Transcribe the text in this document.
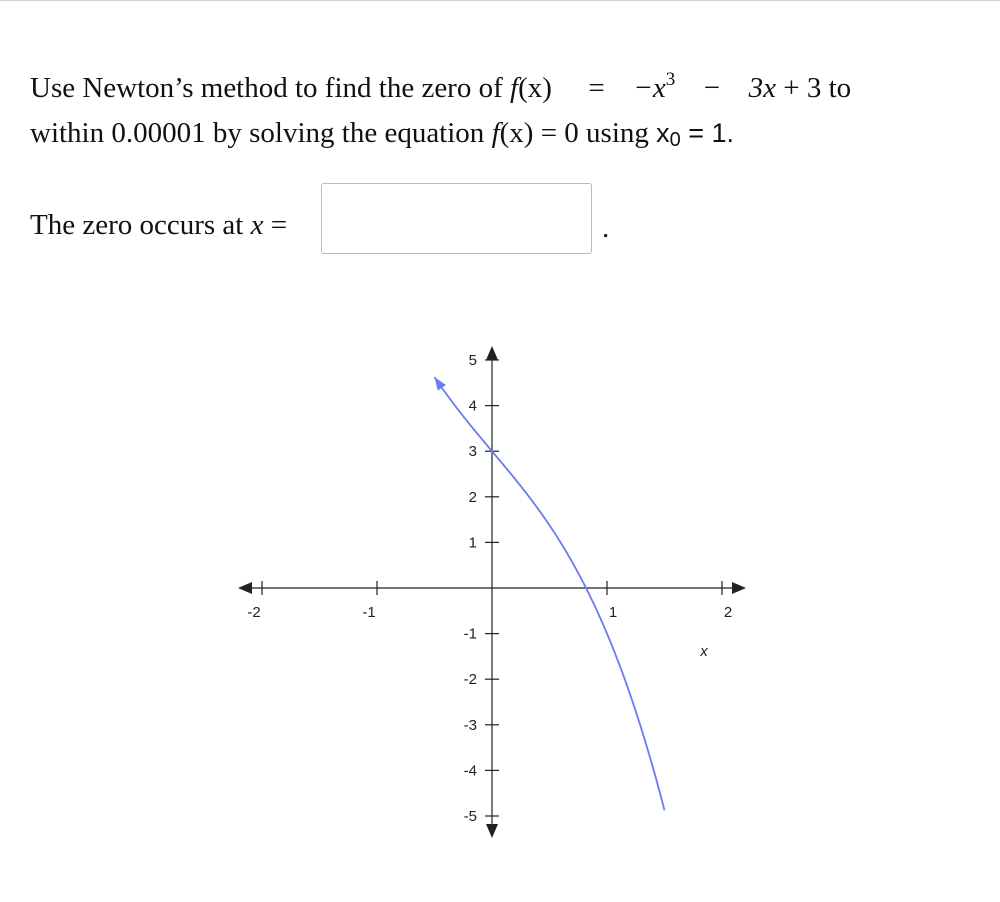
Use Newton’s method to find the zero of $f(x) = -x^3 - 3x + 3$ to
within 0.00001 by solving the equation f(x) = 0 using $x_0 = 1$.
The zero occurs at x =	.
-2	-1	1	2
5
4
3
2
1
-1
-2
-3
-4
-5
x
